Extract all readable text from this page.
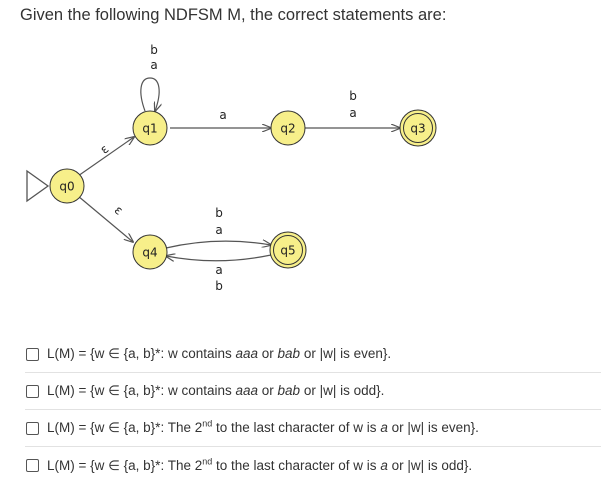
Given the following NDFSM M, the correct statements are:
q0
q1	q2	q3
q4	q5
b
a
a
b
a
ε
ε	b
a
a
b
L(M) = {w ∈ {a, b}*: w contains aaa or bab or |w| is even}.
L(M) = {w ∈ {a, b}*: w contains aaa or bab or |w| is odd}.
L(M) = {w ∈ {a, b}*: The 2nd to the last character of w is a or |w| is even}.
L(M) = {w ∈ {a, b}*: The 2nd to the last character of w is a or |w| is odd}.
